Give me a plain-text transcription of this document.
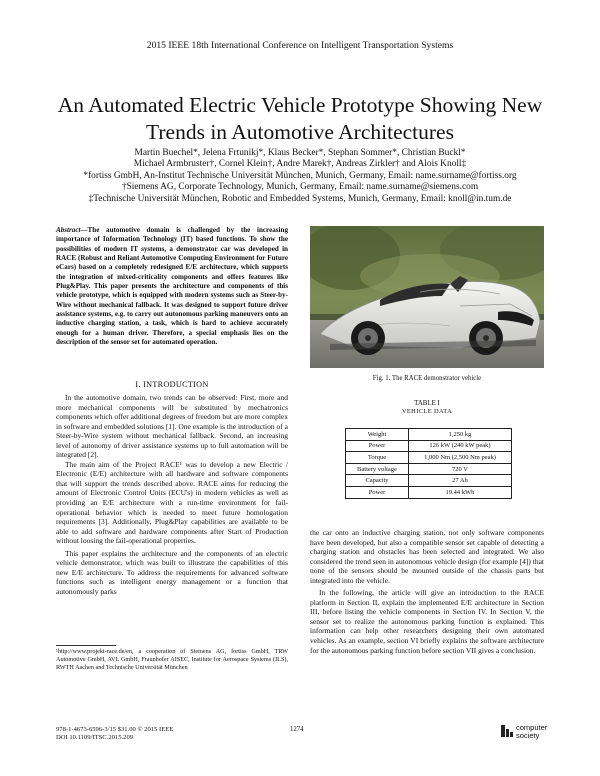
2015 IEEE 18th International Conference on Intelligent Transportation Systems
An Automated Electric Vehicle Prototype Showing New Trends in Automotive Architectures
Martin Buechel*, Jelena Frtunikj*, Klaus Becker*, Stephan Sommer*, Christian Buckl*
Michael Armbruster†, Cornel Klein†, Andre Marek†, Andreas Zirkler† and Alois Knoll‡
*fortiss GmbH, An-Institut Technische Universität München, Munich, Germany, Email: name.surname@fortiss.org
†Siemens AG, Corporate Technology, Munich, Germany, Email: name.surname@siemens.com
‡Technische Universität München, Robotic and Embedded Systems, Munich, Germany, Email: knoll@in.tum.de
Abstract—The automotive domain is challenged by the increasing importance of Information Technology (IT) based functions. To show the possibilities of modern IT systems, a demonstrator car was developed in RACE (Robust and Reliant Automotive Computing Environment for Future eCars) based on a completely redesigned E/E architecture, which supports the integration of mixed-criticality components and offers features like Plug&Play. This paper presents the architecture and components of this vehicle prototype, which is equipped with modern systems such as Steer-by-Wire without mechanical fallback. It was designed to support future driver assistance systems, e.g. to carry out autonomous parking maneuvers onto an inductive charging station, a task, which is hard to achieve accurately enough for a human driver. Therefore, a special emphasis lies on the description of the sensor set for automated operation.
I. INTRODUCTION

In the automotive domain, two trends can be observed: First, more and more mechanical components will be substituted by mechatronics components which offer additional degrees of freedom but are more complex in software and embedded solutions [1]. One example is the introduction of a Steer-by-Wire system without mechanical fallback. Second, an increasing level of autonomy of driver assistance systems up to full automation will be integrated [2].

The main aim of the Project RACE¹ was to develop a new Electric / Electronic (E/E) architecture with all hardware and software components that will support the trends described above. RACE aims for reducing the amount of Electronic Control Units (ECU's) in modern vehicles as well as providing an E/E architecture with a run-time environment for fail-operational behavior which is needed to meet future homologation requirements [3]. Additionally, Plug&Play capabilities are available to be able to add software and hardware components after Start of Production without loosing the fail-operational properties.

This paper explains the architecture and the components of an electric vehicle demonstrator, which was built to illustrate the capabilities of this new E/E architecture. To address the requirements for advanced software functions such as intelligent energy management or a function that autonomously parks

¹http://www.projekt-race.de/en, a cooperation of Siemens AG, fortiss GmbH, TRW Automotive GmbH, AVL GmbH, Fraunhofer AISEC, Institute for Aerospace Systems (ILS), RWTH Aachen and Technische Universität München
Fig. 1. The RACE demonstrator vehicle
TABLE I
VEHICLE DATA
Weight	1,250 kg
Power	126 kW (240 kW peak)
Torque	1,000 Nm (2,500 Nm peak)
Battery voltage	720 V
Capacity	27 Ah
Power	19.44 kWh

the car onto an inductive charging station, not only software components have been developed, but also a compatible sensor set capable of detecting a charging station and obstacles has been selected and integrated. We also considered the trend seen in autonomous vehicle design (for example [4]) that none of the sensors should be mounted outside of the chassis parts but integrated into the vehicle.

In the following, the article will give an introduction to the RACE platform in Section II, explain the implemented E/E architecture in Section III, before listing the vehicle components in Section IV. In Section V, the sensor set to realize the autonomous parking function is explained. This information can help other researchers designing their own automated vehicles. As an example, section VI briefly explains the software architecture for the autonomous parking function before section VII gives a conclusion.

978-1-4673-6596-3/15 $31.00 © 2015 IEEE
DOI 10.1109/ITSC.2015.209
1274	computer
society
